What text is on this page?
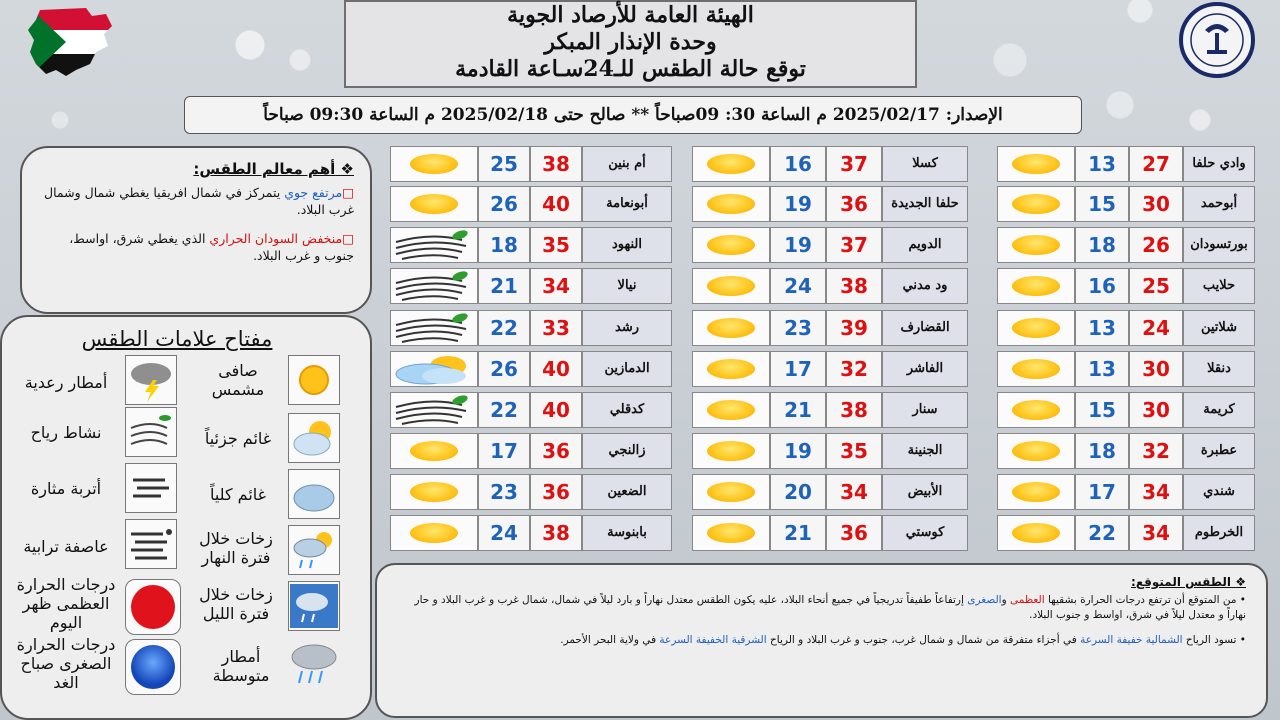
الهيئة العامة للأرصاد الجوية
وحدة الإنذار المبكر
توقع حالة الطقس للـ24سـاعة القادمة
الإصدار: 2025/02/17 م الساعة 30: 09صباحاً ** صالح حتى 2025/02/18 م الساعة 09:30 صباحاً
❖ أهم معالم الطقس:

□مرتفع جوي يتمركز في شمال افريقيا يغطي شمال وشمال غرب البلاد.

□منخفض السودان الحراري الذي يغطي شرق، اواسط، جنوب و غرب البلاد.

مفتاح علامات الطقس
صافى مشمس
غائم جزئياً
غائم كلياً
زخات خلال فترة النهار
زخات خلال فترة الليل
أمطار متوسطة
أمطار رعدية
نشاط رياح
أتربة مثارة
عاصفة ترابية
درجات الحرارة العظمى ظهر اليوم
درجات الحرارة الصغرى صباح الغد
13	27	وادي حلفا
15	30	أبوحمد
18	26	بورتسودان
16	25	حلايب
13	24	شلاتين
13	30	دنقلا
15	30	كريمة
18	32	عطبرة
17	34	شندي
22	34	الخرطوم
16	37	كسلا
19	36	حلفا الجديدة
19	37	الدويم
24	38	ود مدني
23	39	القضارف
17	32	الفاشر
21	38	سنار
19	35	الجنينة
20	34	الأبيض
21	36	كوستي
25	38	أم بنين
26	40	أبونعامة
18	35	النهود
21	34	نيالا
22	33	رشد
26	40	الدمازين
22	40	كدقلي
17	36	زالنجي
23	36	الضعين
24	38	بابنوسة
❖ الطقس المتوقع:

• من المتوقع أن ترتفع درجات الحرارة بشقيها العظمى والصغرى إرتفاعاً طفيفاً تدريجياً في جميع أنحاء البلاد، عليه يكون الطقس معتدل نهاراً و بارد ليلاً في شمال، شمال غرب و غرب البلاد و حار نهاراً و معتدل ليلاً في شرق، اواسط و جنوب البلاد.

• تسود الرياح الشمالية خفيفة السرعة في أجزاء متفرقة من شمال و شمال غرب، جنوب و غرب البلاد و الرياح الشرقية الخفيفة السرعة في ولاية البحر الأحمر.
